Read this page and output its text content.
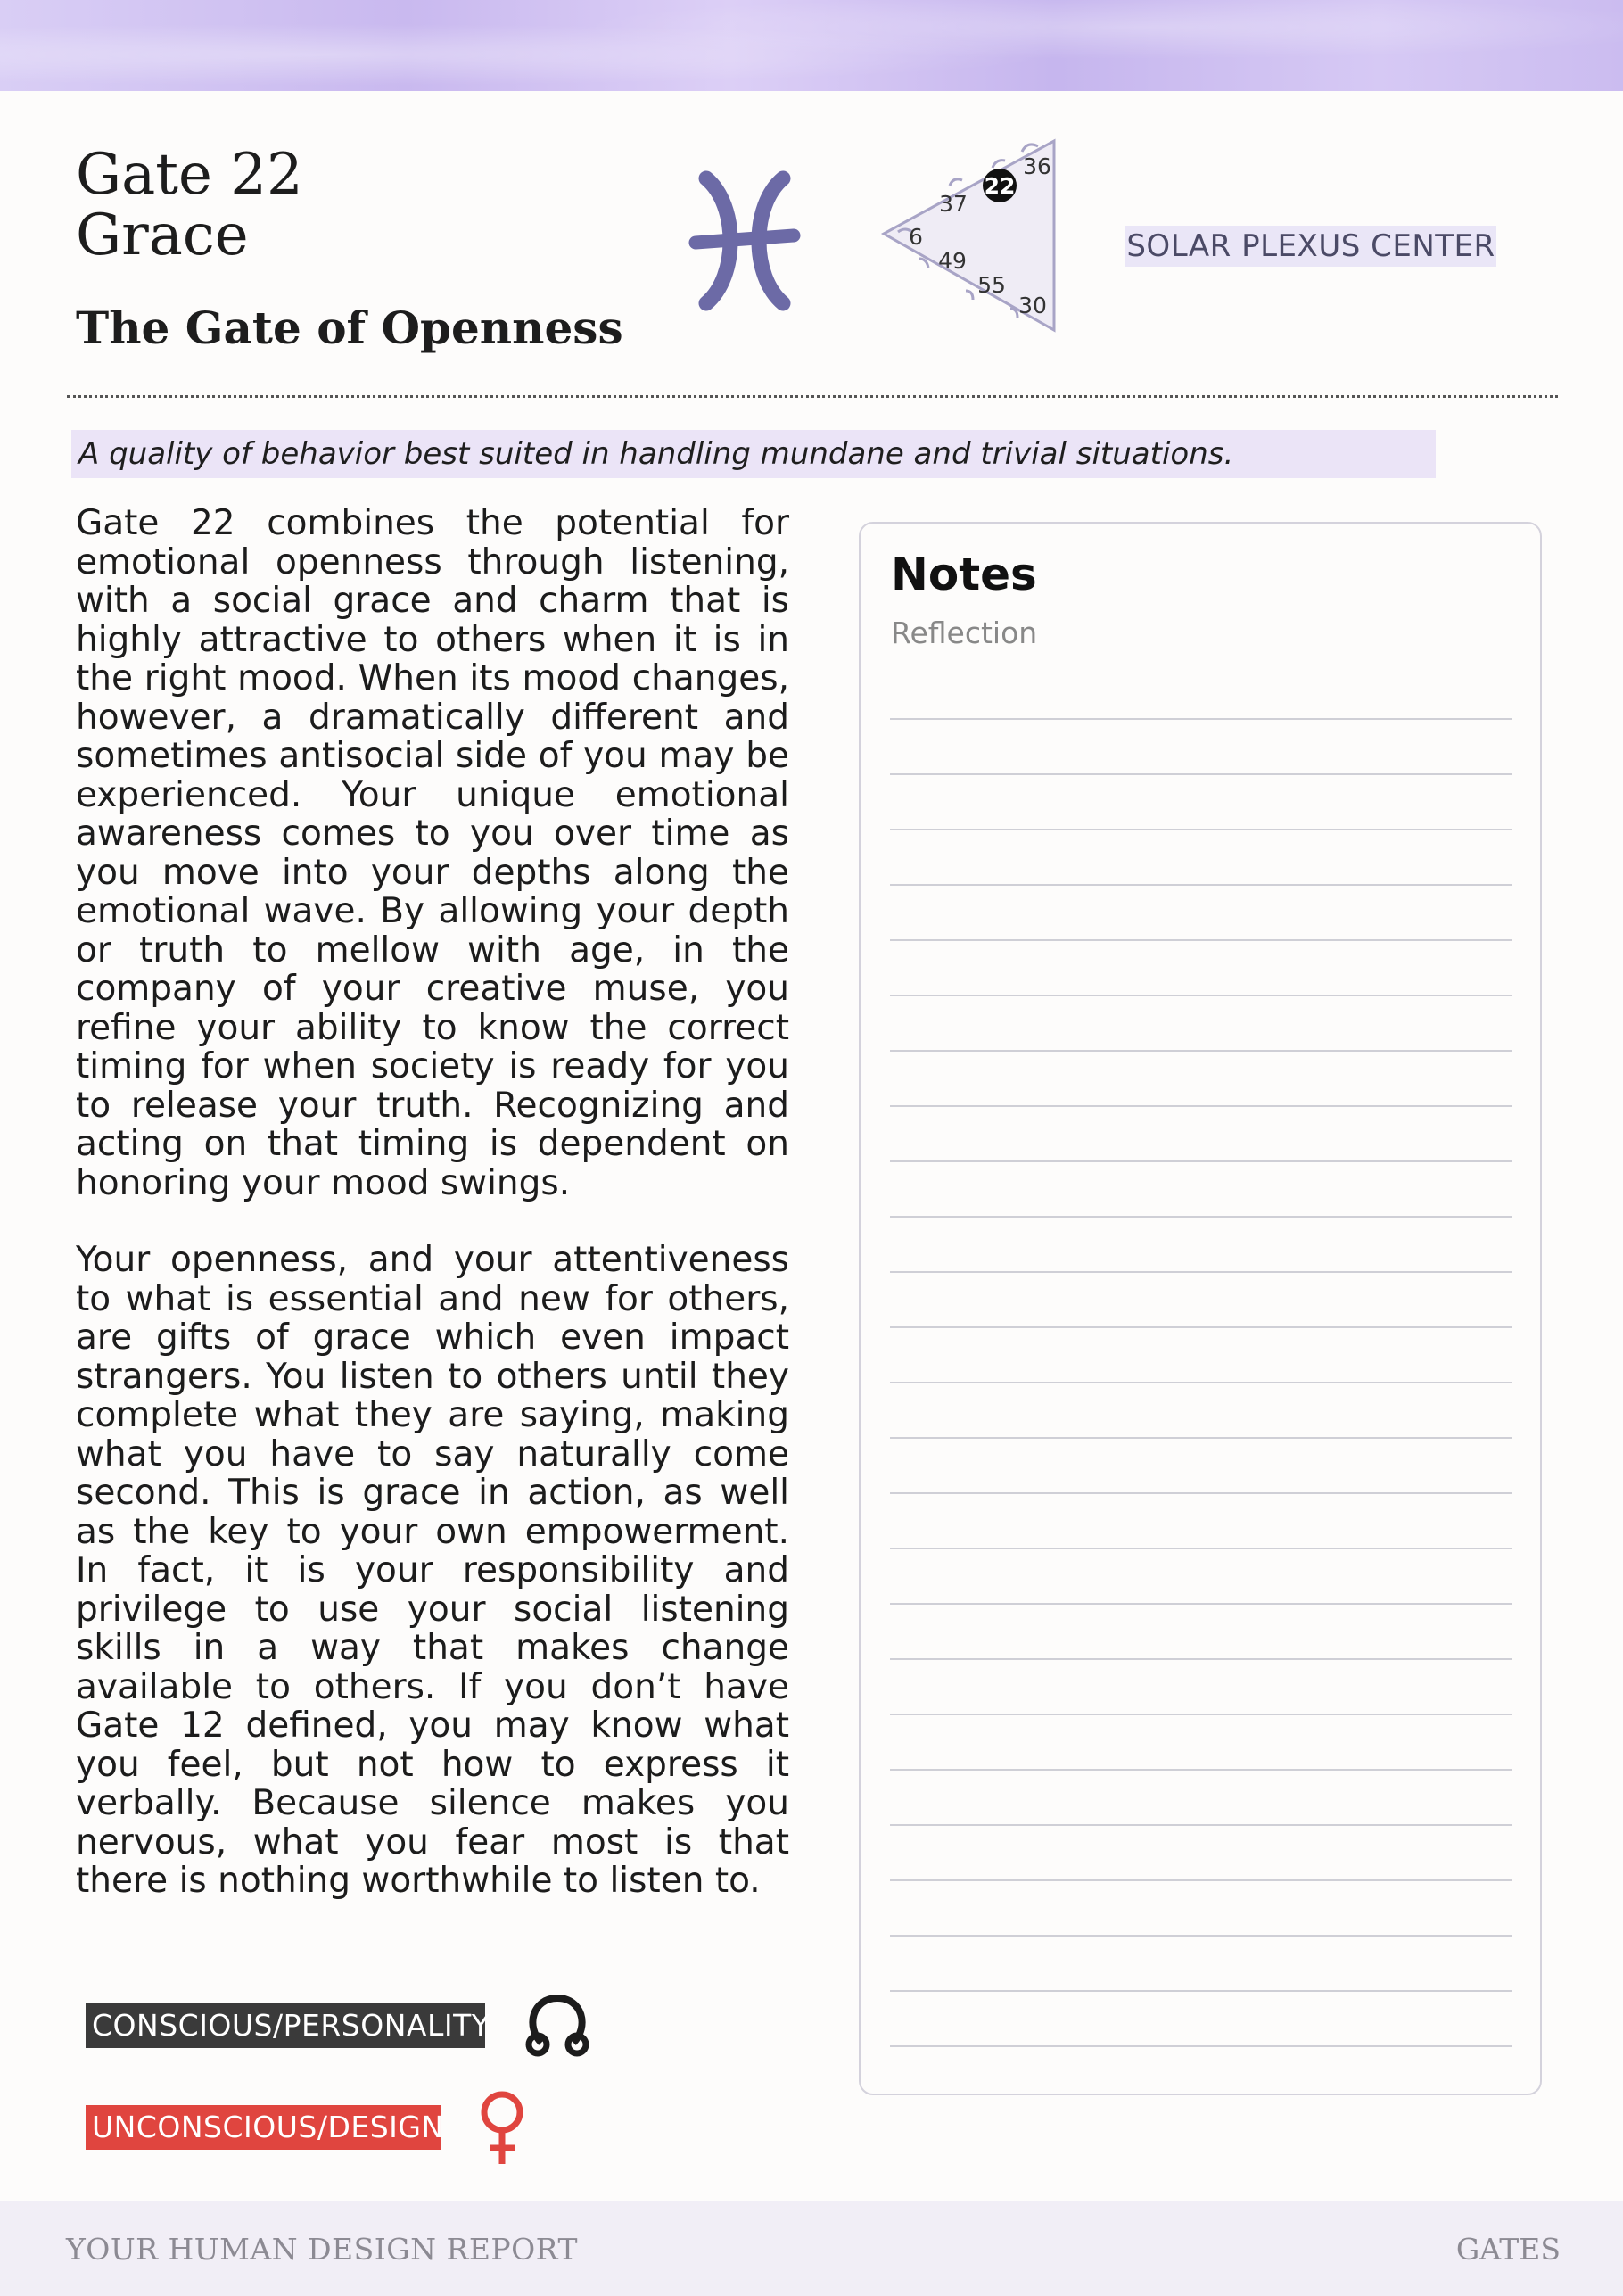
Gate 22
Grace
The Gate of Openness
22
36
37
6
49
55
30
SOLAR PLEXUS CENTER
A quality of behavior best suited in handling mundane and trivial situations.

Gate 22 combines the potential for emotional openness through listening, with a social grace and charm that is highly attractive to others when it is in the right mood. When its mood changes, however, a dramatically different and sometimes antisocial side of you may be experienced. Your unique emotional awareness comes to you over time as you move into your depths along the emotional wave. By allowing your depth or truth to mellow with age, in the company of your creative muse, you refine your ability to know the correct timing for when society is ready for you to release your truth. Recognizing and acting on that timing is dependent on honoring your mood swings.

Your openness, and your attentiveness to what is essential and new for others, are gifts of grace which even impact strangers. You listen to others until they complete what they are saying, making what you have to say naturally come second. This is grace in action, as well as the key to your own empowerment. In fact, it is your responsibility and privilege to use your social listening skills in a way that makes change available to others. If you don’t have Gate 12 defined, you may know what you feel, but not how to express it verbally. Because silence makes you nervous, what you fear most is that there is nothing worthwhile to listen to.

Notes
Reflection
CONSCIOUS/PERSONALITY
UNCONSCIOUS/DESIGN
YOUR HUMAN DESIGN REPORT	GATES
